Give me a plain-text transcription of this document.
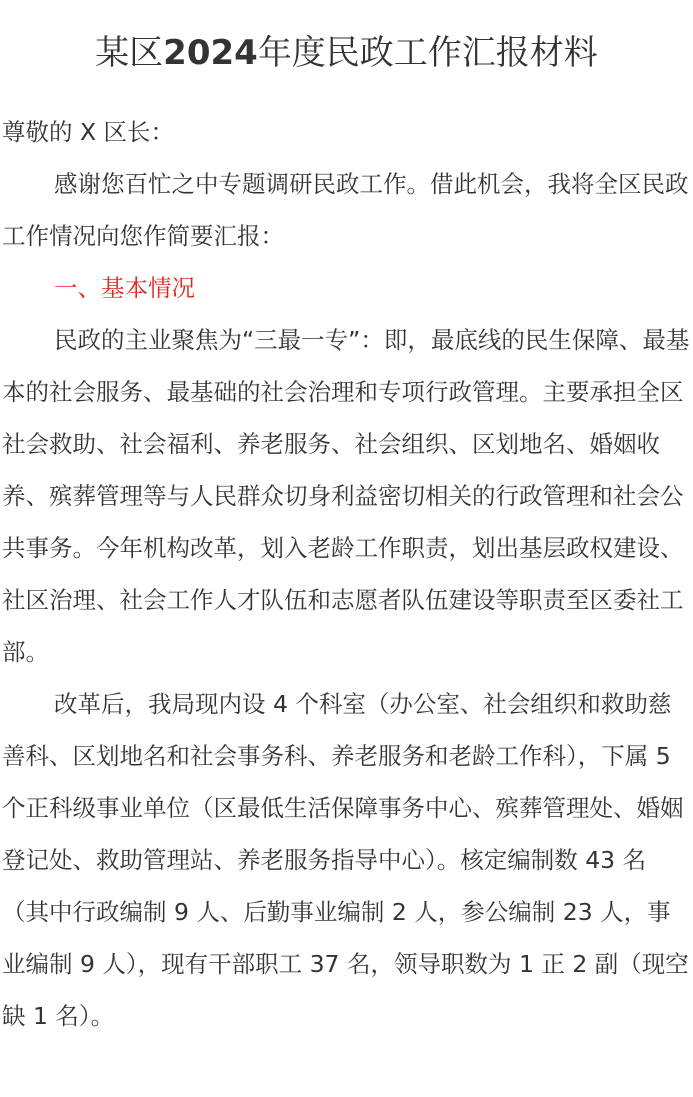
某区2024年度民政工作汇报材料

尊敬的 X 区长：

感谢您百忙之中专题调研民政工作。借此机会，我将全区民政工作情况向您作简要汇报：

一、基本情况

民政的主业聚焦为“三最一专”：即，最底线的民生保障、最基本的社会服务、最基础的社会治理和专项行政管理。主要承担全区社会救助、社会福利、养老服务、社会组织、区划地名、婚姻收养、殡葬管理等与人民群众切身利益密切相关的行政管理和社会公共事务。今年机构改革，划入老龄工作职责，划出基层政权建设、社区治理、社会工作人才队伍和志愿者队伍建设等职责至区委社工部。

改革后，我局现内设 4 个科室（办公室、社会组织和救助慈善科、区划地名和社会事务科、养老服务和老龄工作科），下属 5 个正科级事业单位（区最低生活保障事务中心、殡葬管理处、婚姻登记处、救助管理站、养老服务指导中心）。核定编制数 43 名（其中行政编制 9 人、后勤事业编制 2 人，参公编制 23 人，事业编制 9 人），现有干部职工 37 名，领导职数为 1 正 2 副（现空缺 1 名）。
